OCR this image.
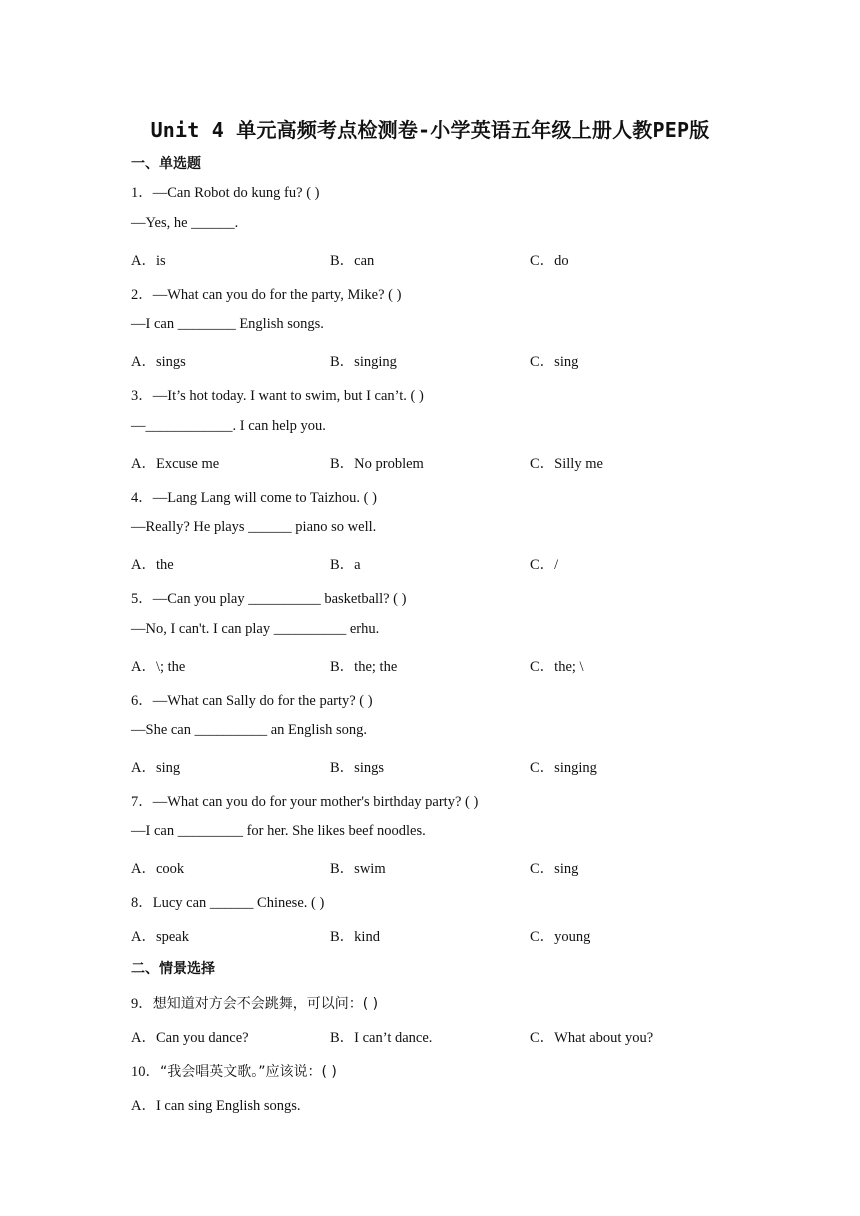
Unit 4 单元高频考点检测卷-小学英语五年级上册人教PEP版
一、单选题
1．—Can Robot do kung fu? ( )
—Yes, he ______.
A．is	B．can	C．do
2．—What can you do for the party, Mike? ( )
—I can ________ English songs.
A．sings	B．singing	C．sing
3．—It’s hot today. I want to swim, but I can’t. ( )
—____________. I can help you.
A．Excuse me	B．No problem	C．Silly me
4．—Lang Lang will come to Taizhou. ( )
—Really? He plays ______ piano so well.
A．the	B．a	C．/
5．—Can you play __________ basketball? ( )
—No, I can't. I can play __________ erhu.
A．\; the	B．the; the	C．the; \
6．—What can Sally do for the party? ( )
—She can __________ an English song.
A．sing	B．sings	C．singing
7．—What can you do for your mother's birthday party? ( )
—I can _________ for her. She likes beef noodles.
A．cook	B．swim	C．sing
8．Lucy can ______ Chinese. ( )
A．speak	B．kind	C．young
二、情景选择
9．想知道对方会不会跳舞，可以问：( )
A．Can you dance?	B．I can’t dance.	C．What about you?
10．“我会唱英文歌。”应该说：( )
A．I can sing English songs.
